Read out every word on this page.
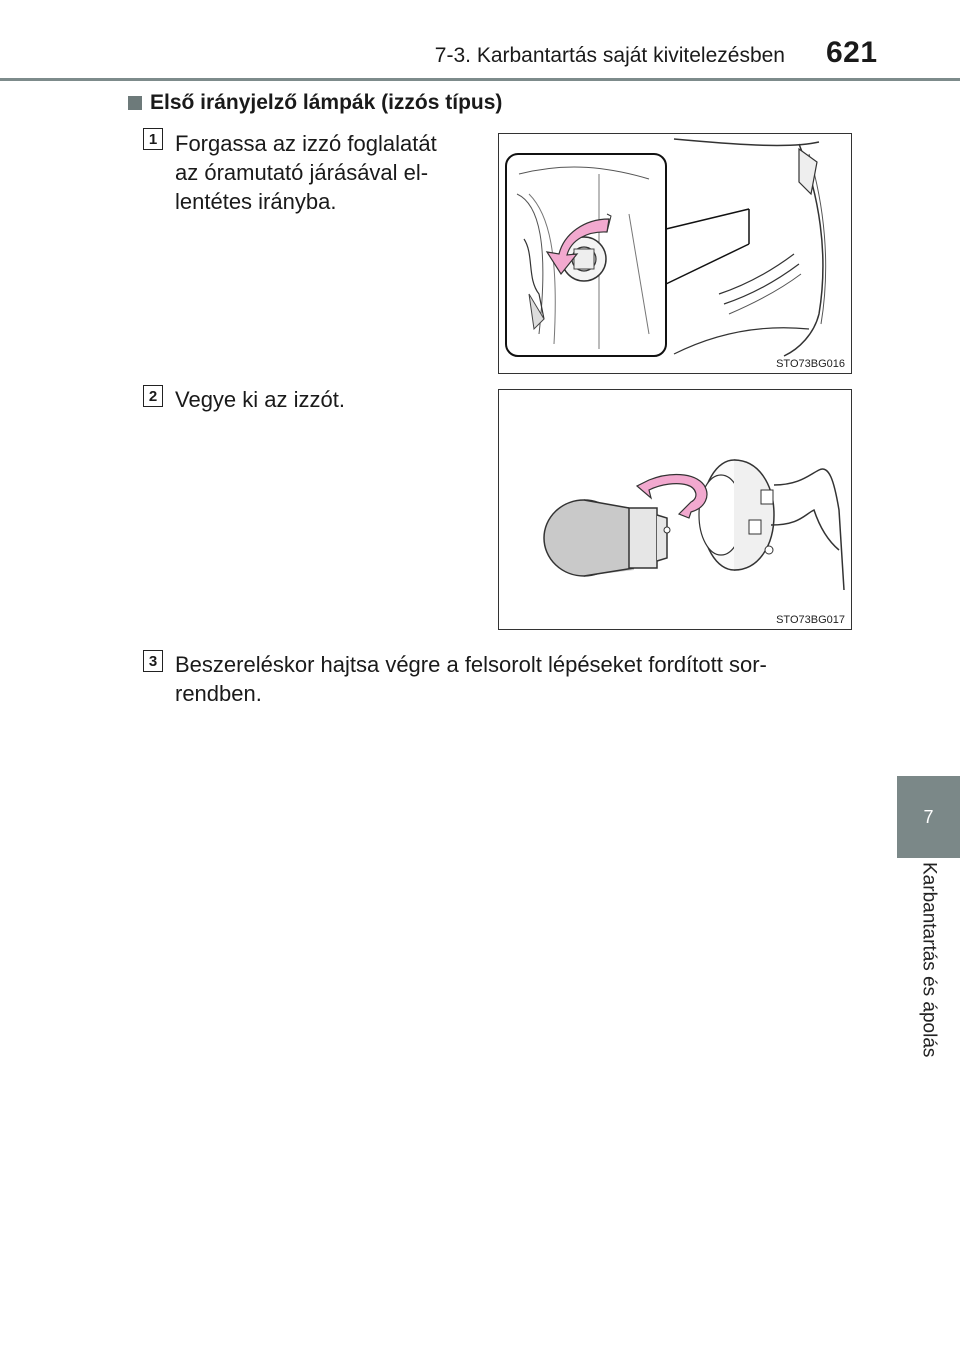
7-3. Karbantartás saját kivitelezésben 621
7
Karbantartás és ápolás
Első irányjelző lámpák (izzós típus)
1 Forgassa az izzó foglalatát
az óramutató járásával el-
lentétes irányba.
STO73BG016
2 Vegye ki az izzót.
STO73BG017
3 Beszereléskor hajtsa végre a felsorolt lépéseket fordított sor-
rendben.
